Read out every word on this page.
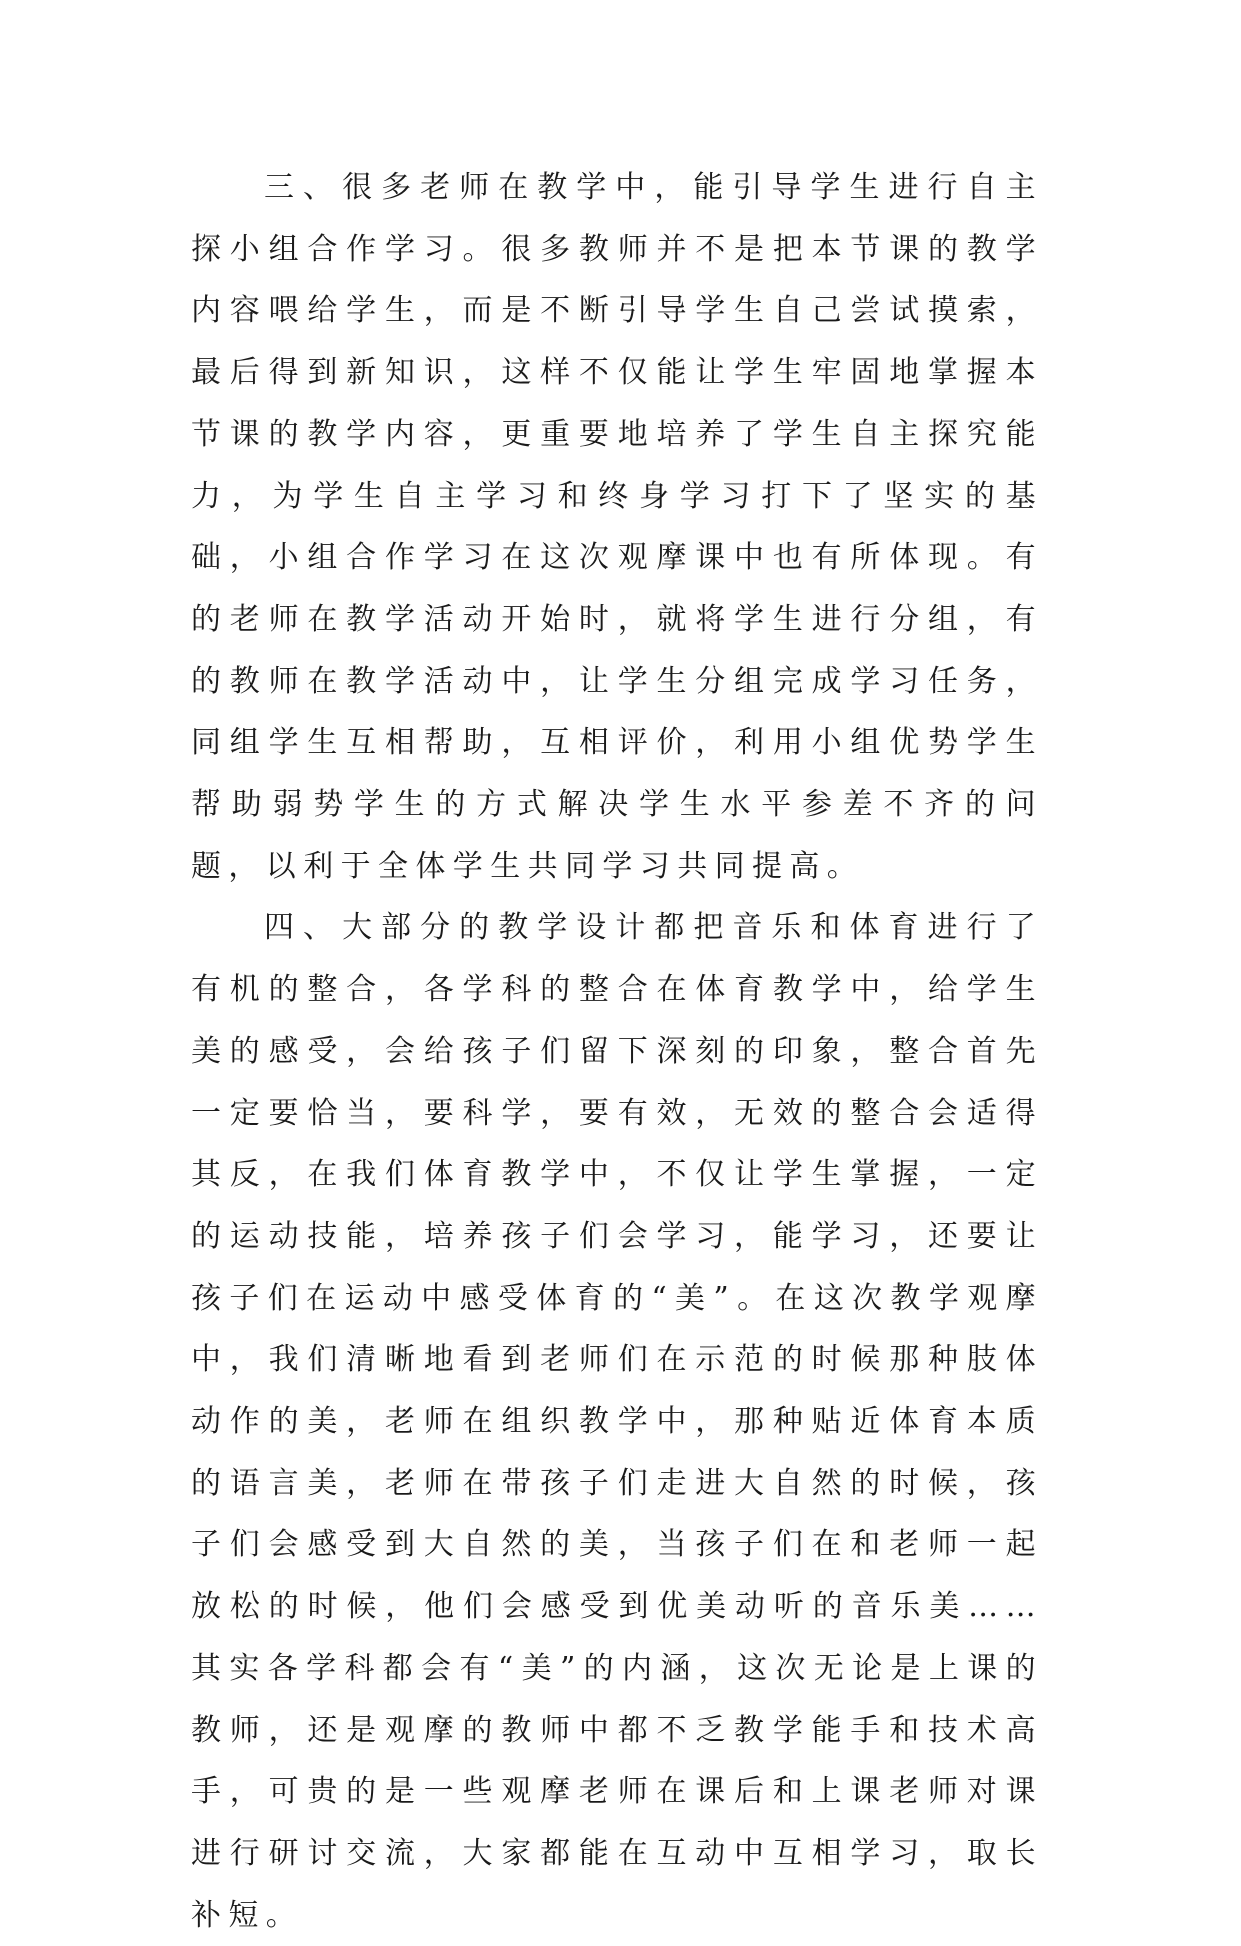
三、很多老师在教学中，能引导学生进行自主探小组合作学习。很多教师并不是把本节课的教学内容喂给学生，而是不断引导学生自己尝试摸索，最后得到新知识，这样不仅能让学生牢固地掌握本节课的教学内容，更重要地培养了学生自主探究能力，为学生自主学习和终身学习打下了坚实的基础，小组合作学习在这次观摩课中也有所体现。有的老师在教学活动开始时，就将学生进行分组，有的教师在教学活动中，让学生分组完成学习任务，同组学生互相帮助，互相评价，利用小组优势学生帮助弱势学生的方式解决学生水平参差不齐的问题，以利于全体学生共同学习共同提高。

四、大部分的教学设计都把音乐和体育进行了有机的整合，各学科的整合在体育教学中，给学生美的感受，会给孩子们留下深刻的印象，整合首先一定要恰当，要科学，要有效，无效的整合会适得其反，在我们体育教学中，不仅让学生掌握，一定的运动技能，培养孩子们会学习，能学习，还要让孩子们在运动中感受体育的“美”。在这次教学观摩中，我们清晰地看到老师们在示范的时候那种肢体动作的美，老师在组织教学中，那种贴近体育本质的语言美，老师在带孩子们走进大自然的时候，孩子们会感受到大自然的美，当孩子们在和老师一起放松的时候，他们会感受到优美动听的音乐美……其实各学科都会有“美”的内涵，这次无论是上课的教师，还是观摩的教师中都不乏教学能手和技术高手，可贵的是一些观摩老师在课后和上课老师对课进行研讨交流，大家都能在互动中互相学习，取长补短。
